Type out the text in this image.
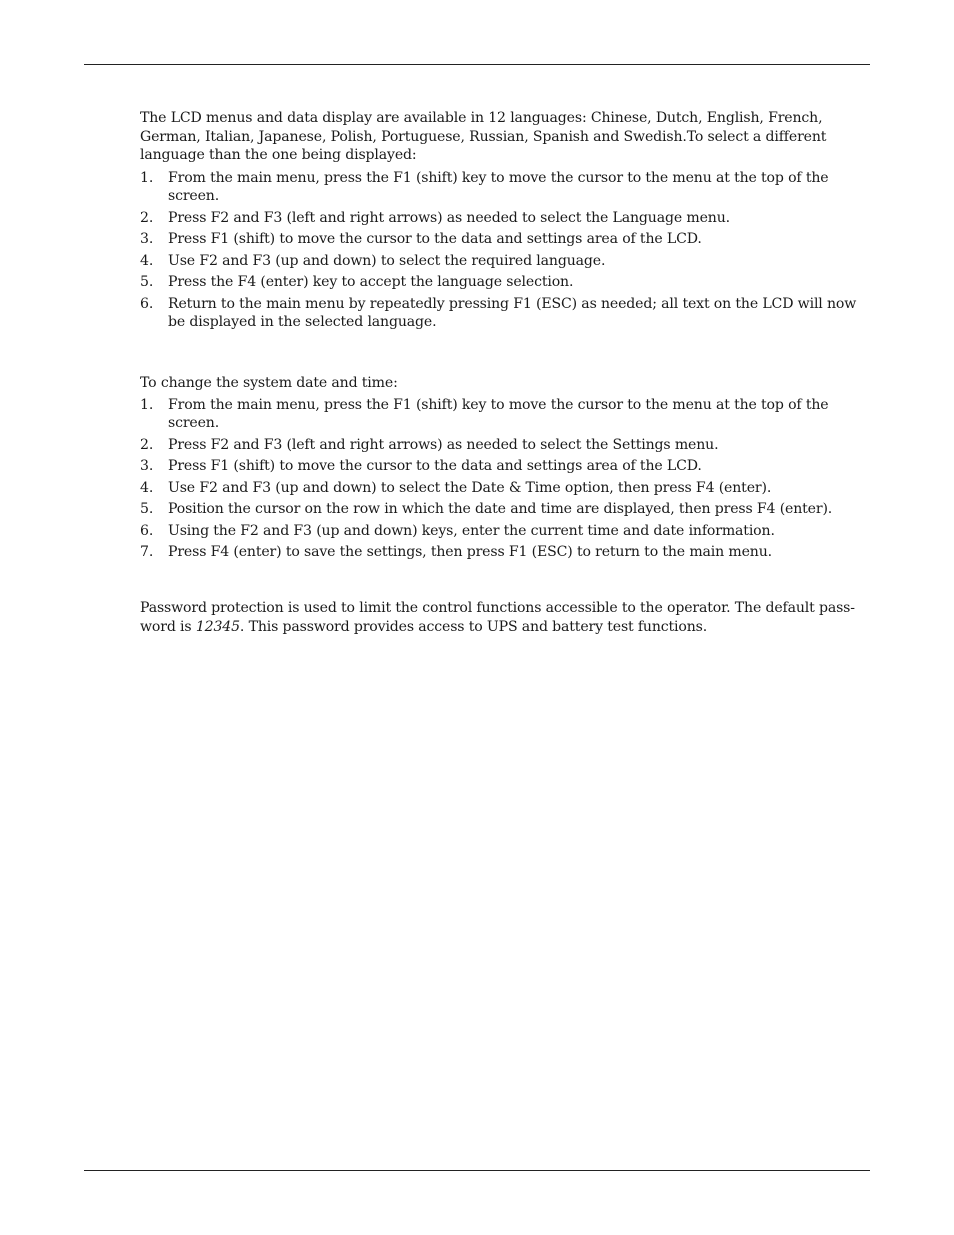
The LCD menus and data display are available in 12 languages: Chinese, Dutch, English, French, German, Italian, Japanese, Polish, Portuguese, Russian, Spanish and Swedish.To select a different language than the one being displayed:

1. From the main menu, press the F1 (shift) key to move the cursor to the menu at the top of the screen.
2. Press F2 and F3 (left and right arrows) as needed to select the Language menu.
3. Press F1 (shift) to move the cursor to the data and settings area of the LCD.
4. Use F2 and F3 (up and down) to select the required language.
5. Press the F4 (enter) key to accept the language selection.
6. Return to the main menu by repeatedly pressing F1 (ESC) as needed; all text on the LCD will now be displayed in the selected language.

To change the system date and time:

1. From the main menu, press the F1 (shift) key to move the cursor to the menu at the top of the screen.
2. Press F2 and F3 (left and right arrows) as needed to select the Settings menu.
3. Press F1 (shift) to move the cursor to the data and settings area of the LCD.
4. Use F2 and F3 (up and down) to select the Date & Time option, then press F4 (enter).
5. Position the cursor on the row in which the date and time are displayed, then press F4 (enter).
6. Using the F2 and F3 (up and down) keys, enter the current time and date information.
7. Press F4 (enter) to save the settings, then press F1 (ESC) to return to the main menu.

Password protection is used to limit the control functions accessible to the operator. The default password is 12345. This password provides access to UPS and battery test functions.
